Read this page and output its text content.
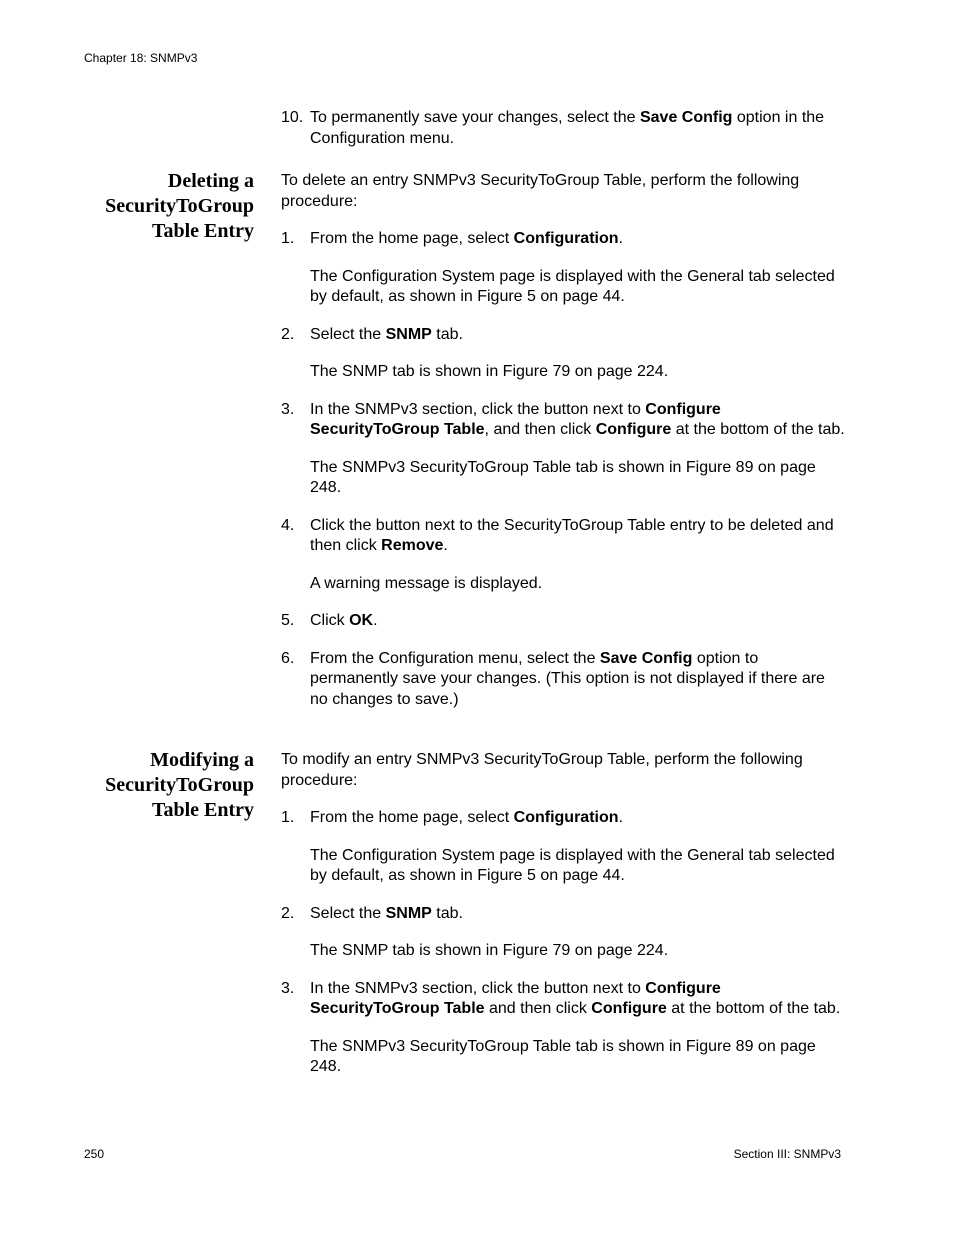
Chapter 18: SNMPv3

10. To permanently save your changes, select the Save Config option in the Configuration menu.

Deleting a
SecurityToGroup
Table Entry

To delete an entry SNMPv3 SecurityToGroup Table, perform the following procedure:

1. From the home page, select Configuration.

The Configuration System page is displayed with the General tab selected by default, as shown in Figure 5 on page 44.

2. Select the SNMP tab.

The SNMP tab is shown in Figure 79 on page 224.

3. In the SNMPv3 section, click the button next to Configure SecurityToGroup Table, and then click Configure at the bottom of the tab.

The SNMPv3 SecurityToGroup Table tab is shown in Figure 89 on page 248.

4. Click the button next to the SecurityToGroup Table entry to be deleted and then click Remove.

A warning message is displayed.

5. Click OK.

6. From the Configuration menu, select the Save Config option to permanently save your changes. (This option is not displayed if there are no changes to save.)

Modifying a
SecurityToGroup
Table Entry

To modify an entry SNMPv3 SecurityToGroup Table, perform the following procedure:

1. From the home page, select Configuration.

The Configuration System page is displayed with the General tab selected by default, as shown in Figure 5 on page 44.

2. Select the SNMP tab.

The SNMP tab is shown in Figure 79 on page 224.

3. In the SNMPv3 section, click the button next to Configure SecurityToGroup Table and then click Configure at the bottom of the tab.

The SNMPv3 SecurityToGroup Table tab is shown in Figure 89 on page 248.

250	Section III: SNMPv3
